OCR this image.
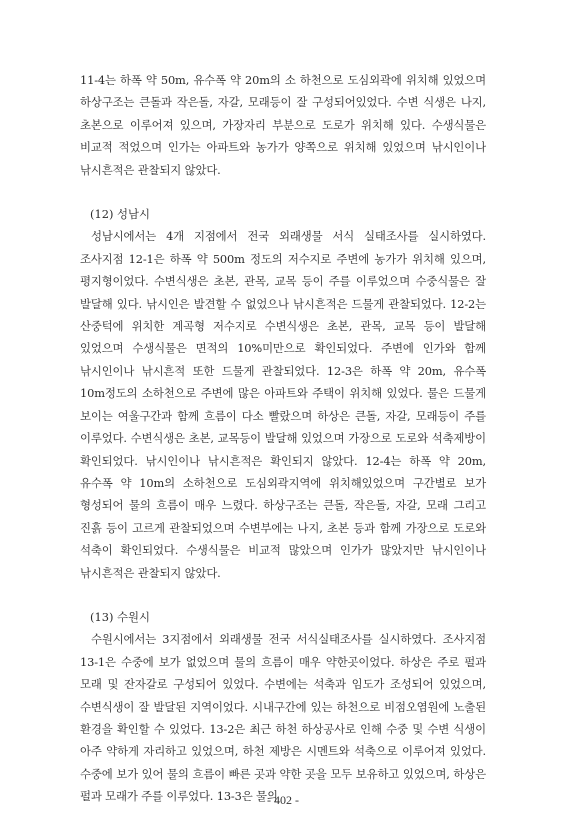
11-4는 하폭 약 50m, 유수폭 약 20m의 소 하천으로 도심외곽에 위치해 있었으며 하상구조는 큰돌과 작은돌, 자갈, 모래등이 잘 구성되어있었다. 수변 식생은 나지, 초본으로 이루어져 있으며, 가장자리 부분으로 도로가 위치해 있다. 수생식물은 비교적 적었으며 인가는 아파트와 농가가 양쪽으로 위치해 있었으며 낚시인이나 낚시흔적은 관찰되지 않았다.

(12) 성남시

성남시에서는 4개 지점에서 전국 외래생물 서식 실태조사를 실시하였다. 조사지점 12-1은 하폭 약 500m 정도의 저수지로 주변에 농가가 위치해 있으며, 평지형이었다. 수변식생은 초본, 관목, 교목 등이 주를 이루었으며 수중식물은 잘 발달해 있다. 낚시인은 발견할 수 없었으나 낚시흔적은 드물게 관찰되었다. 12-2는 산중턱에 위치한 계곡형 저수지로 수변식생은 초본, 관목, 교목 등이 발달해 있었으며 수생식물은 면적의 10%미만으로 확인되었다. 주변에 인가와 함께 낚시인이나 낚시흔적 또한 드물게 관찰되었다. 12-3은 하폭 약 20m, 유수폭 10m정도의 소하천으로 주변에 많은 아파트와 주택이 위치해 있었다. 물은 드물게 보이는 여울구간과 함께 흐름이 다소 빨랐으며 하상은 큰돌, 자갈, 모래등이 주를 이루었다. 수변식생은 초본, 교목등이 발달해 있었으며 가장으로 도로와 석축제방이 확인되었다. 낚시인이나 낚시흔적은 확인되지 않았다. 12-4는 하폭 약 20m, 유수폭 약 10m의 소하천으로 도심외곽지역에 위치해있었으며 구간별로 보가 형성되어 물의 흐름이 매우 느렸다. 하상구조는 큰돌, 작은돌, 자갈, 모래 그리고 진흙 등이 고르게 관찰되었으며 수변부에는 나지, 초본 등과 함께 가장으로 도로와 석축이 확인되었다. 수생식물은 비교적 많았으며 인가가 많았지만 낚시인이나 낚시흔적은 관찰되지 않았다.

(13) 수원시

수원시에서는 3지점에서 외래생물 전국 서식실태조사를 실시하였다. 조사지점 13-1은 수중에 보가 없었으며 물의 흐름이 매우 약한곳이었다. 하상은 주로 펄과 모래 및 잔자갈로 구성되어 있었다. 수변에는 석축과 임도가 조성되어 있었으며, 수변식생이 잘 발달된 지역이었다. 시내구간에 있는 하천으로 비점오염원에 노출된 환경을 확인할 수 있었다. 13-2은 최근 하천 하상공사로 인해 수중 및 수변 식생이 아주 약하게 자리하고 있었으며, 하천 제방은 시멘트와 석축으로 이루어져 있었다. 수중에 보가 있어 물의 흐름이 빠른 곳과 약한 곳을 모두 보유하고 있었으며, 하상은 펄과 모래가 주를 이루었다. 13-3은 물의

- 402 -
